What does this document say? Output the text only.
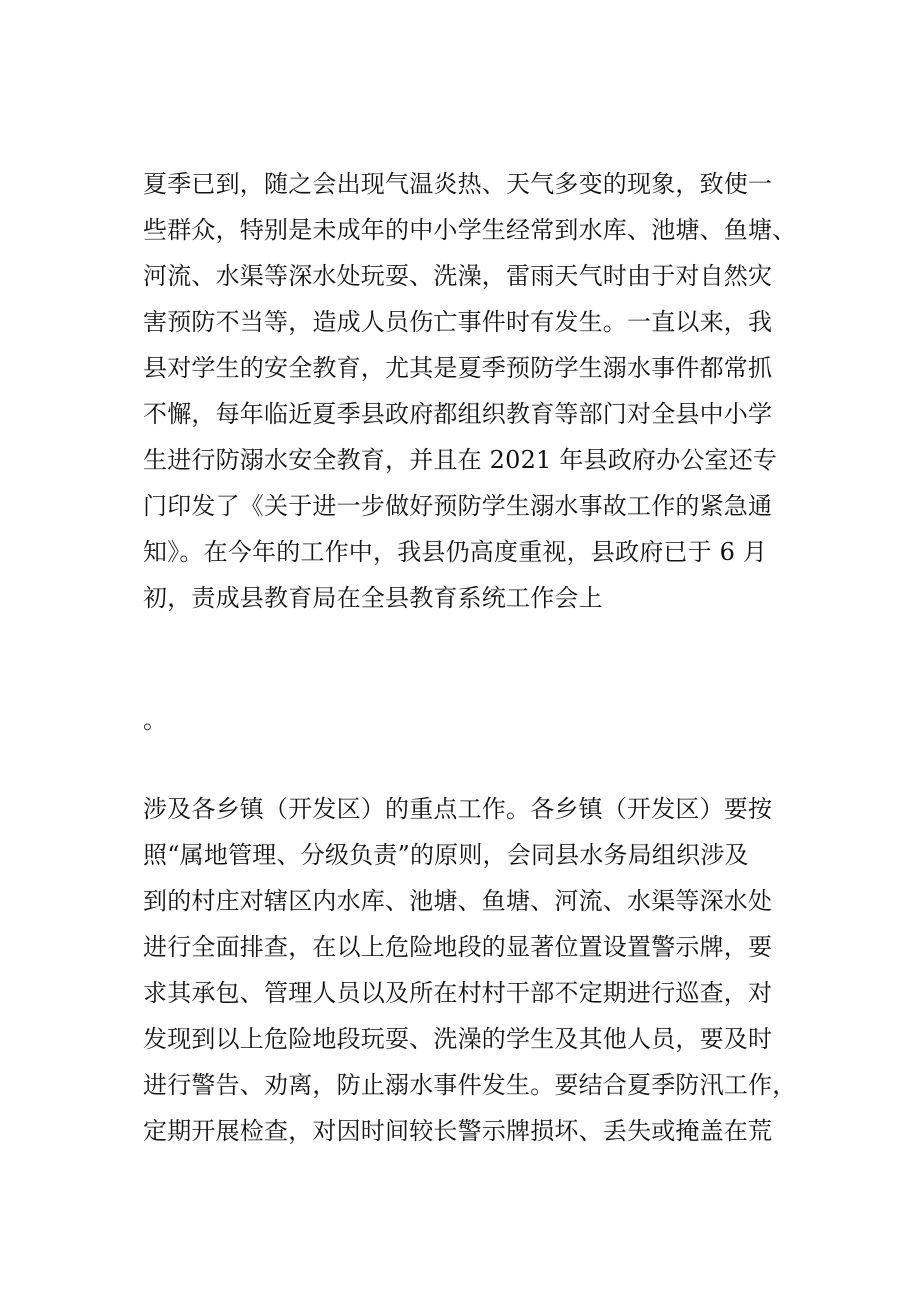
夏季已到，随之会出现气温炎热、天气多变的现象，致使一
些群众，特别是未成年的中小学生经常到水库、池塘、鱼塘、
河流、水渠等深水处玩耍、洗澡，雷雨天气时由于对自然灾
害预防不当等，造成人员伤亡事件时有发生。一直以来，我
县对学生的安全教育，尤其是夏季预防学生溺水事件都常抓
不懈，每年临近夏季县政府都组织教育等部门对全县中小学
生进行防溺水安全教育，并且在 2021 年县政府办公室还专
门印发了《关于进一步做好预防学生溺水事故工作的紧急通
知》。在今年的工作中，我县仍高度重视，县政府已于 6 月
初，责成县教育局在全县教育系统工作会上
。
涉及各乡镇（开发区）的重点工作。各乡镇（开发区）要按
照“属地管理、分级负责”的原则，会同县水务局组织涉及
到的村庄对辖区内水库、池塘、鱼塘、河流、水渠等深水处
进行全面排查，在以上危险地段的显著位置设置警示牌，要
求其承包、管理人员以及所在村村干部不定期进行巡查，对
发现到以上危险地段玩耍、洗澡的学生及其他人员，要及时
进行警告、劝离，防止溺水事件发生。要结合夏季防汛工作，
定期开展检查，对因时间较长警示牌损坏、丢失或掩盖在荒
